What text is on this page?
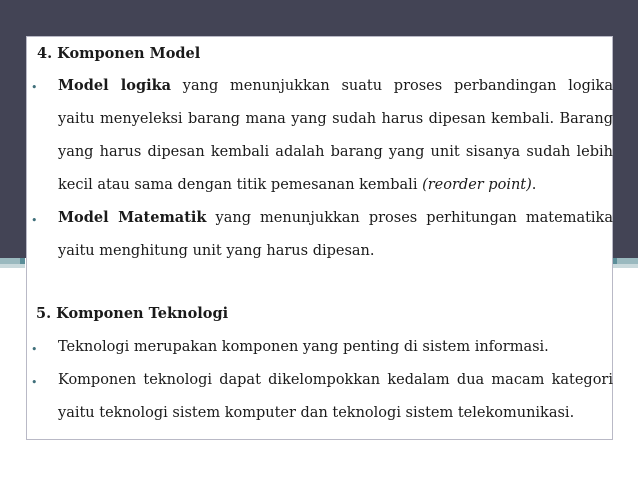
4. Komponen Model
• Model logika yang menunjukkan suatu proses perbandingan logika
yaitu menyeleksi barang mana yang sudah harus dipesan kembali. Barang
yang harus dipesan kembali adalah barang yang unit sisanya sudah lebih
kecil atau sama dengan titik pemesanan kembali (reorder point).
• Model Matematik yang menunjukkan proses perhitungan matematika
yaitu menghitung unit yang harus dipesan.
5. Komponen Teknologi
• Teknologi merupakan komponen yang penting di sistem informasi.
• Komponen teknologi dapat dikelompokkan kedalam dua macam kategori
yaitu teknologi sistem komputer dan teknologi sistem telekomunikasi.
